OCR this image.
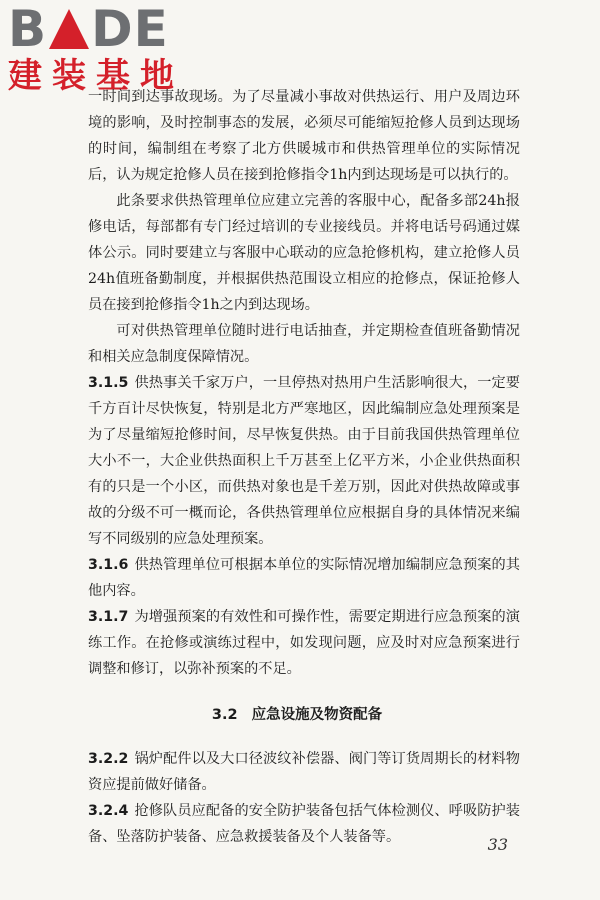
B DE
建装基地

一时间到达事故现场。为了尽量减小事故对供热运行、用户及周边环境的影响，及时控制事态的发展，必须尽可能缩短抢修人员到达现场的时间，编制组在考察了北方供暖城市和供热管理单位的实际情况后，认为规定抢修人员在接到抢修指令1h内到达现场是可以执行的。

此条要求供热管理单位应建立完善的客服中心，配备多部24h报修电话，每部都有专门经过培训的专业接线员。并将电话号码通过媒体公示。同时要建立与客服中心联动的应急抢修机构，建立抢修人员24h值班备勤制度，并根据供热范围设立相应的抢修点，保证抢修人员在接到抢修指令1h之内到达现场。

可对供热管理单位随时进行电话抽查，并定期检查值班备勤情况和相关应急制度保障情况。

3.1.5 供热事关千家万户，一旦停热对热用户生活影响很大，一定要千方百计尽快恢复，特别是北方严寒地区，因此编制应急处理预案是为了尽量缩短抢修时间，尽早恢复供热。由于目前我国供热管理单位大小不一，大企业供热面积上千万甚至上亿平方米，小企业供热面积有的只是一个小区，而供热对象也是千差万别，因此对供热故障或事故的分级不可一概而论，各供热管理单位应根据自身的具体情况来编写不同级别的应急处理预案。

3.1.6 供热管理单位可根据本单位的实际情况增加编制应急预案的其他内容。

3.1.7 为增强预案的有效性和可操作性，需要定期进行应急预案的演练工作。在抢修或演练过程中，如发现问题，应及时对应急预案进行调整和修订，以弥补预案的不足。

3.2 应急设施及物资配备

3.2.2 锅炉配件以及大口径波纹补偿器、阀门等订货周期长的材料物资应提前做好储备。

3.2.4 抢修队员应配备的安全防护装备包括气体检测仪、呼吸防护装备、坠落防护装备、应急救援装备及个人装备等。	33
